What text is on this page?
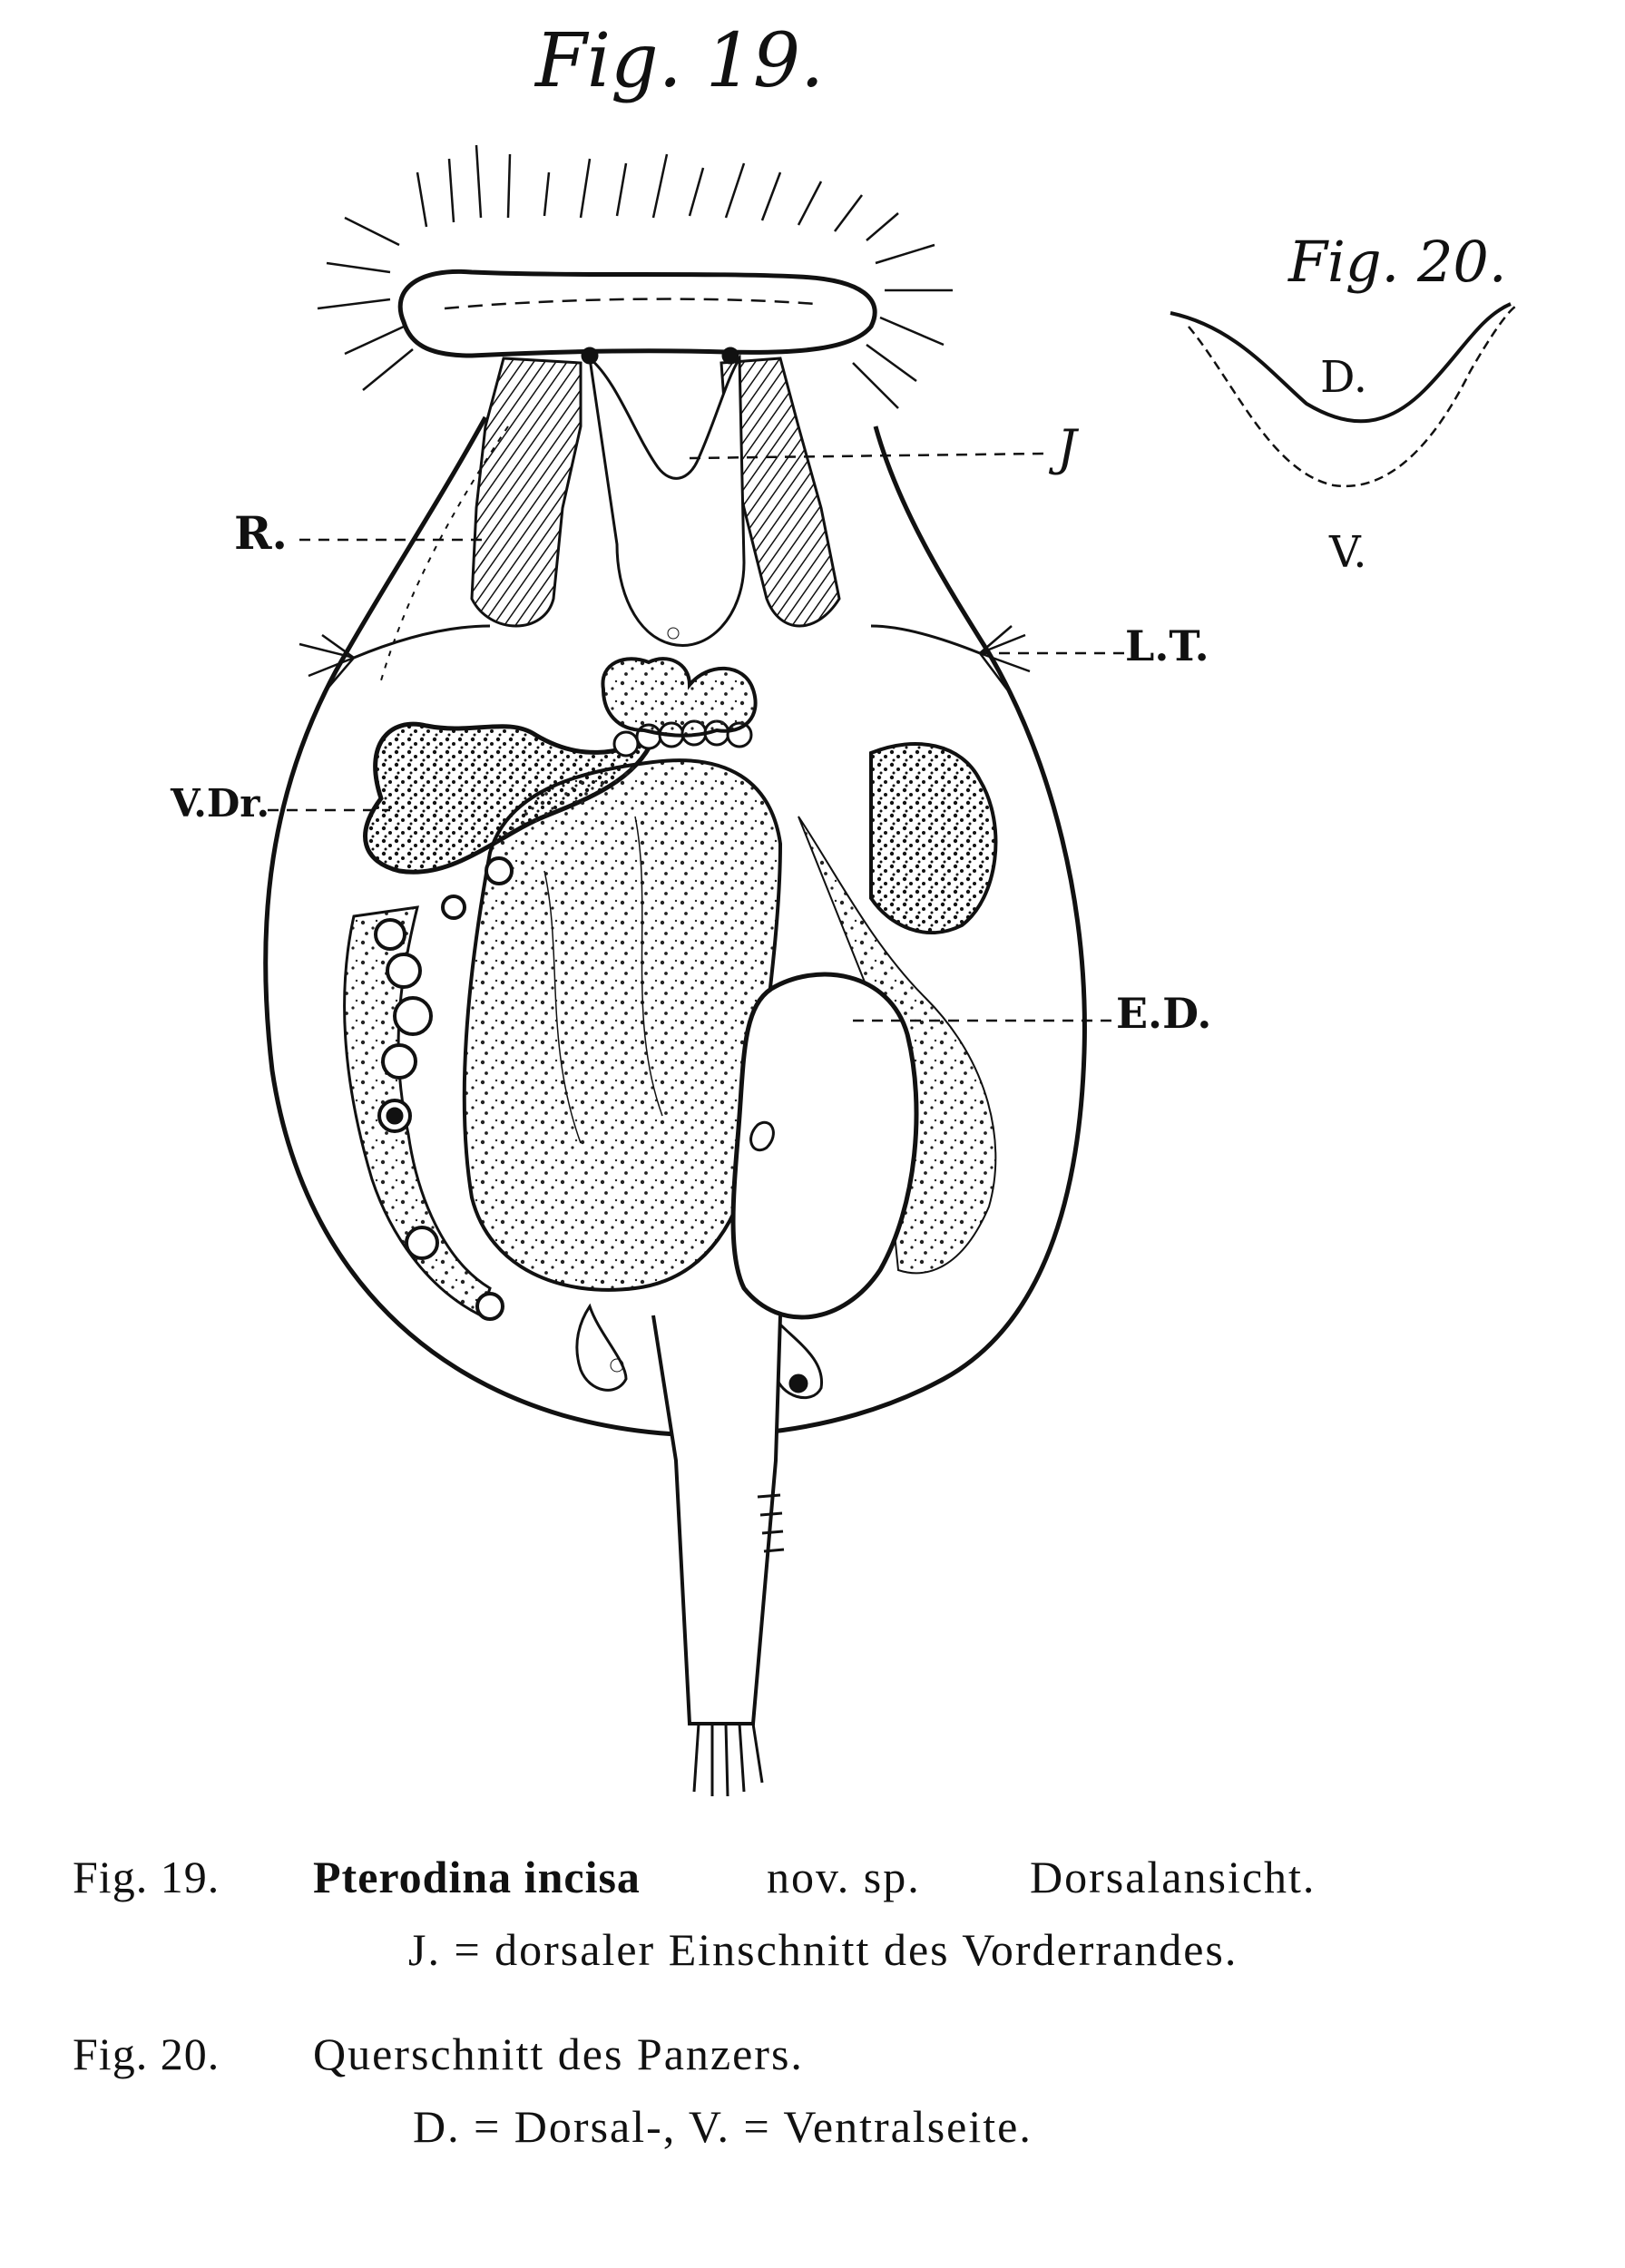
Fig. 19.
Fig. 20.
D.
V.
J
R.
L.T.
V.Dr.
E.D.
Fig. 19. Pterodina incisa	nov. sp. Dorsalansicht.
J. = dorsaler Einschnitt des Vorderrandes.
Fig. 20. Querschnitt des Panzers.
D. = Dorsal-, V. = Ventralseite.
